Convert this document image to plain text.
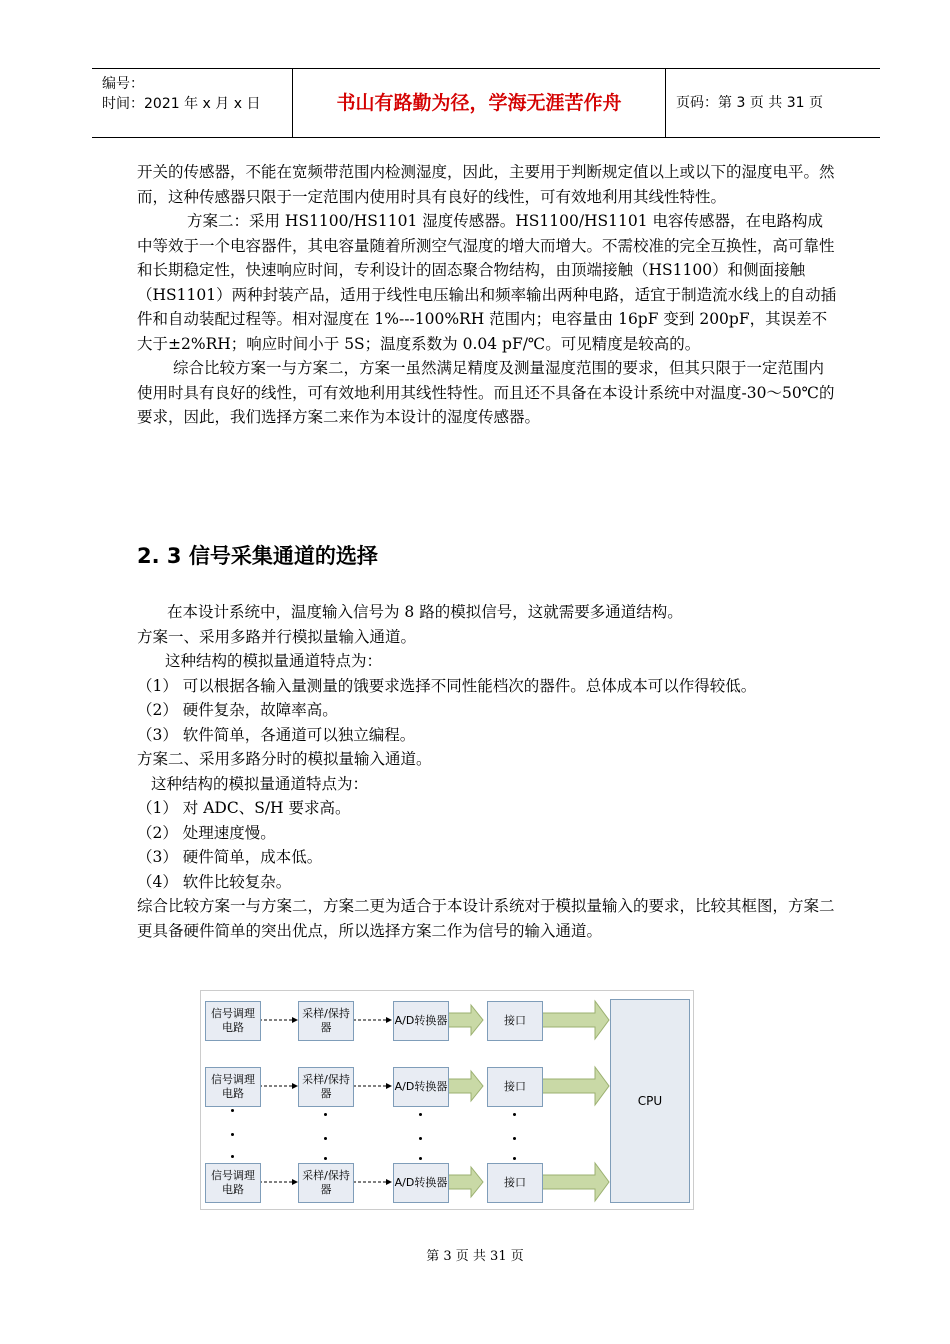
编号：
时间：2021 年 x 月 x 日	书山有路勤为径，学海无涯苦作舟	页码：第 3 页 共 31 页

开关的传感器，不能在宽频带范围内检测湿度，因此，主要用于判断规定值以上或以下的湿度电平。然而，这种传感器只限于一定范围内使用时具有良好的线性，可有效地利用其线性特性。

方案二：采用 HS1100/HS1101 湿度传感器。HS1100/HS1101 电容传感器，在电路构成中等效于一个电容器件，其电容量随着所测空气湿度的增大而增大。不需校准的完全互换性，高可靠性和长期稳定性，快速响应时间，专利设计的固态聚合物结构，由顶端接触（HS1100）和侧面接触（HS1101）两种封装产品，适用于线性电压输出和频率输出两种电路，适宜于制造流水线上的自动插件和自动装配过程等。相对湿度在 1%---100%RH 范围内；电容量由 16pF 变到 200pF，其误差不大于±2%RH；响应时间小于 5S；温度系数为 0.04 pF/℃。可见精度是较高的。

综合比较方案一与方案二，方案一虽然满足精度及测量湿度范围的要求，但其只限于一定范围内使用时具有良好的线性，可有效地利用其线性特性。而且还不具备在本设计系统中对温度-30～50℃的要求，因此，我们选择方案二来作为本设计的湿度传感器。

2. 3 信号采集通道的选择

在本设计系统中，温度输入信号为 8 路的模拟信号，这就需要多通道结构。

方案一、采用多路并行模拟量输入通道。

这种结构的模拟量通道特点为：

（1） 可以根据各输入量测量的饿要求选择不同性能档次的器件。总体成本可以作得较低。

（2） 硬件复杂，故障率高。

（3） 软件简单，各通道可以独立编程。

方案二、采用多路分时的模拟量输入通道。

这种结构的模拟量通道特点为：

（1） 对 ADC、S/H 要求高。

（2） 处理速度慢。

（3） 硬件简单，成本低。

（4） 软件比较复杂。

综合比较方案一与方案二，方案二更为适合于本设计系统对于模拟量输入的要求，比较其框图，方案二更具备硬件简单的突出优点，所以选择方案二作为信号的输入通道。

信号调理电路
采样/保持器
A/D转换器	接口
信号调理电路
采样/保持器
A/D转换器	接口
信号调理电路
采样/保持器
A/D转换器	接口
CPU
第 3 页 共 31 页
